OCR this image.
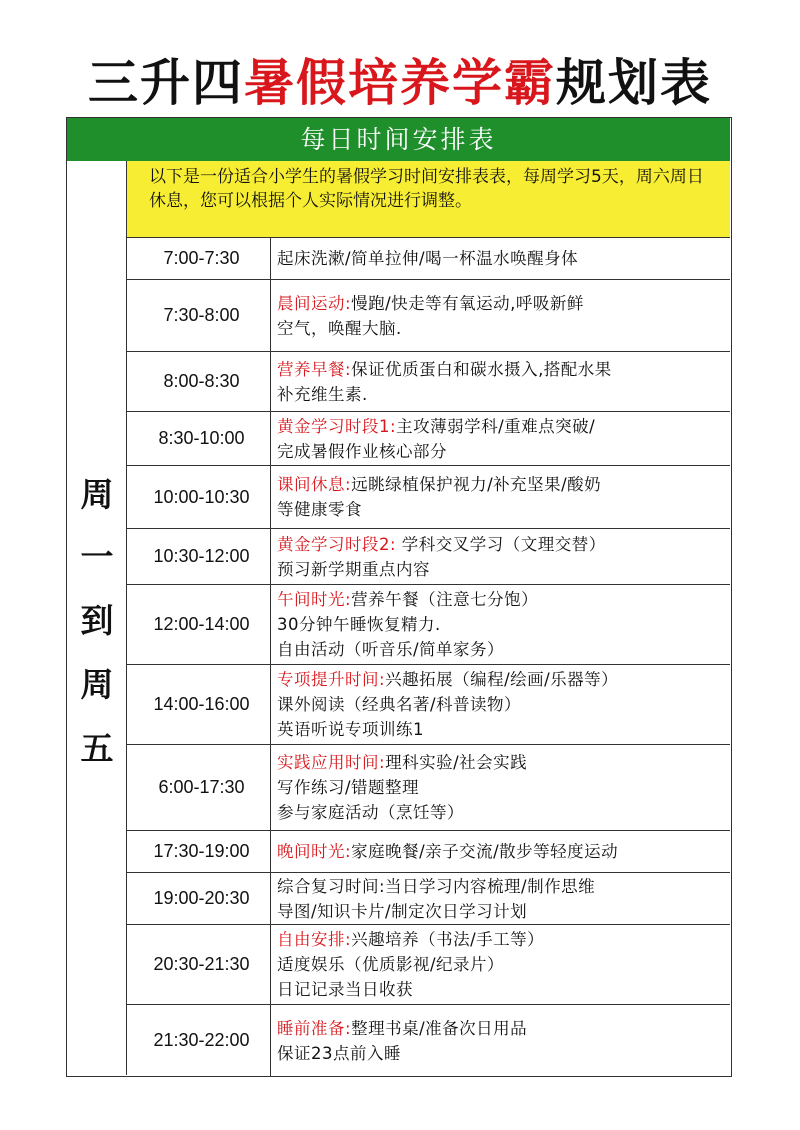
三升四暑假培养学霸规划表
每日时间安排表
周
一
到
周
五
以下是一份适合小学生的暑假学习时间安排表表，每周学习5天，周六周日休息，您可以根据个人实际情况进行调整。
7:00-7:30	起床洗漱/简单拉伸/喝一杯温水唤醒身体
7:30-8:00
晨间运动:慢跑/快走等有氧运动,呼吸新鲜
空气，唤醒大脑.
8:00-8:30
营养早餐:保证优质蛋白和碳水摄入,搭配水果
补充维生素.
8:30-10:00
黄金学习时段1:主攻薄弱学科/重难点突破/
完成暑假作业核心部分
10:00-10:30
课间休息:远眺绿植保护视力/补充坚果/酸奶
等健康零食
10:30-12:00
黄金学习时段2: 学科交叉学习（文理交替）
预习新学期重点内容
12:00-14:00
午间时光:营养午餐（注意七分饱）
30分钟午睡恢复精力.
自由活动（听音乐/简单家务）
14:00-16:00
专项提升时间:兴趣拓展（编程/绘画/乐器等）
课外阅读（经典名著/科普读物）
英语听说专项训练1
6:00-17:30
实践应用时间:理科实验/社会实践
写作练习/错题整理
参与家庭活动（烹饪等）
17:30-19:00	晚间时光:家庭晚餐/亲子交流/散步等轻度运动
19:00-20:30
综合复习时间:当日学习内容梳理/制作思维
导图/知识卡片/制定次日学习计划
20:30-21:30
自由安排:兴趣培养（书法/手工等）
适度娱乐（优质影视/纪录片）
日记记录当日收获
21:30-22:00
睡前准备:整理书桌/准备次日用品
保证23点前入睡
